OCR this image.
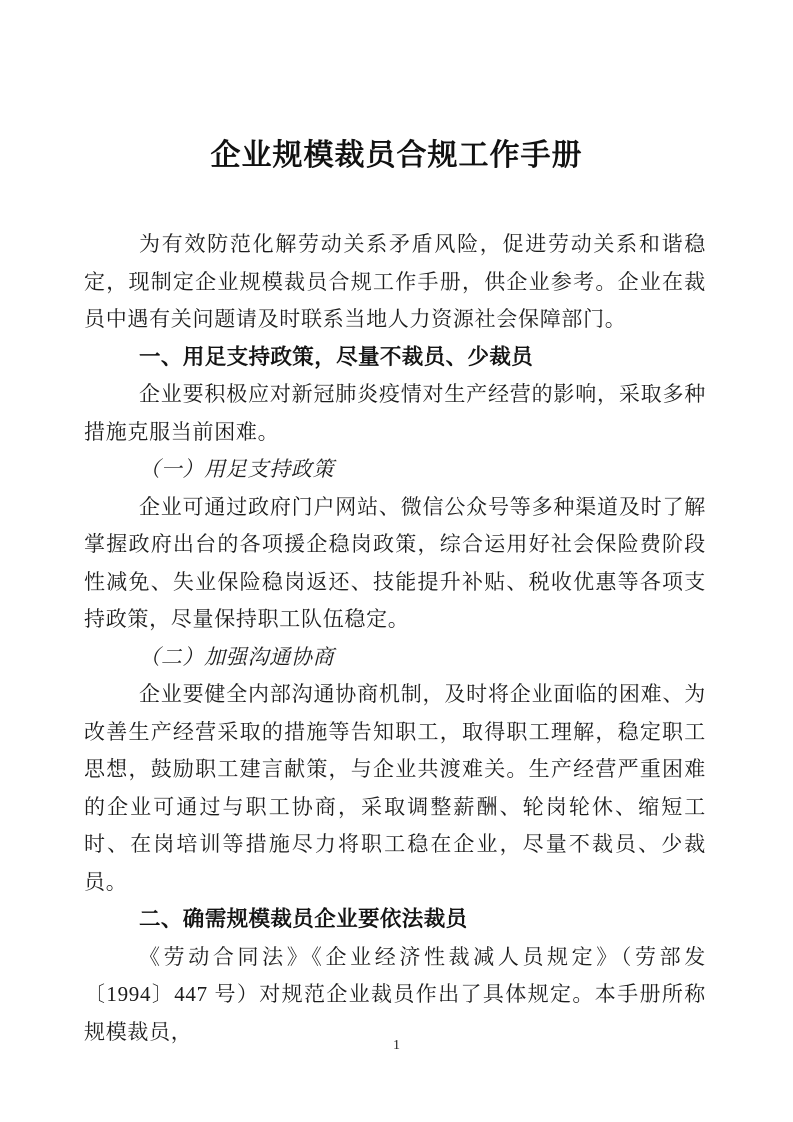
企业规模裁员合规工作手册

为有效防范化解劳动关系矛盾风险，促进劳动关系和谐稳定，现制定企业规模裁员合规工作手册，供企业参考。企业在裁员中遇有关问题请及时联系当地人力资源社会保障部门。

一、用足支持政策，尽量不裁员、少裁员

企业要积极应对新冠肺炎疫情对生产经营的影响，采取多种措施克服当前困难。

（一）用足支持政策

企业可通过政府门户网站、微信公众号等多种渠道及时了解掌握政府出台的各项援企稳岗政策，综合运用好社会保险费阶段性减免、失业保险稳岗返还、技能提升补贴、税收优惠等各项支持政策，尽量保持职工队伍稳定。

（二）加强沟通协商

企业要健全内部沟通协商机制，及时将企业面临的困难、为改善生产经营采取的措施等告知职工，取得职工理解，稳定职工思想，鼓励职工建言献策，与企业共渡难关。生产经营严重困难的企业可通过与职工协商，采取调整薪酬、轮岗轮休、缩短工时、在岗培训等措施尽力将职工稳在企业，尽量不裁员、少裁员。

二、确需规模裁员企业要依法裁员

《劳动合同法》《企业经济性裁减人员规定》（劳部发〔1994〕447 号）对规范企业裁员作出了具体规定。本手册所称规模裁员，

1
